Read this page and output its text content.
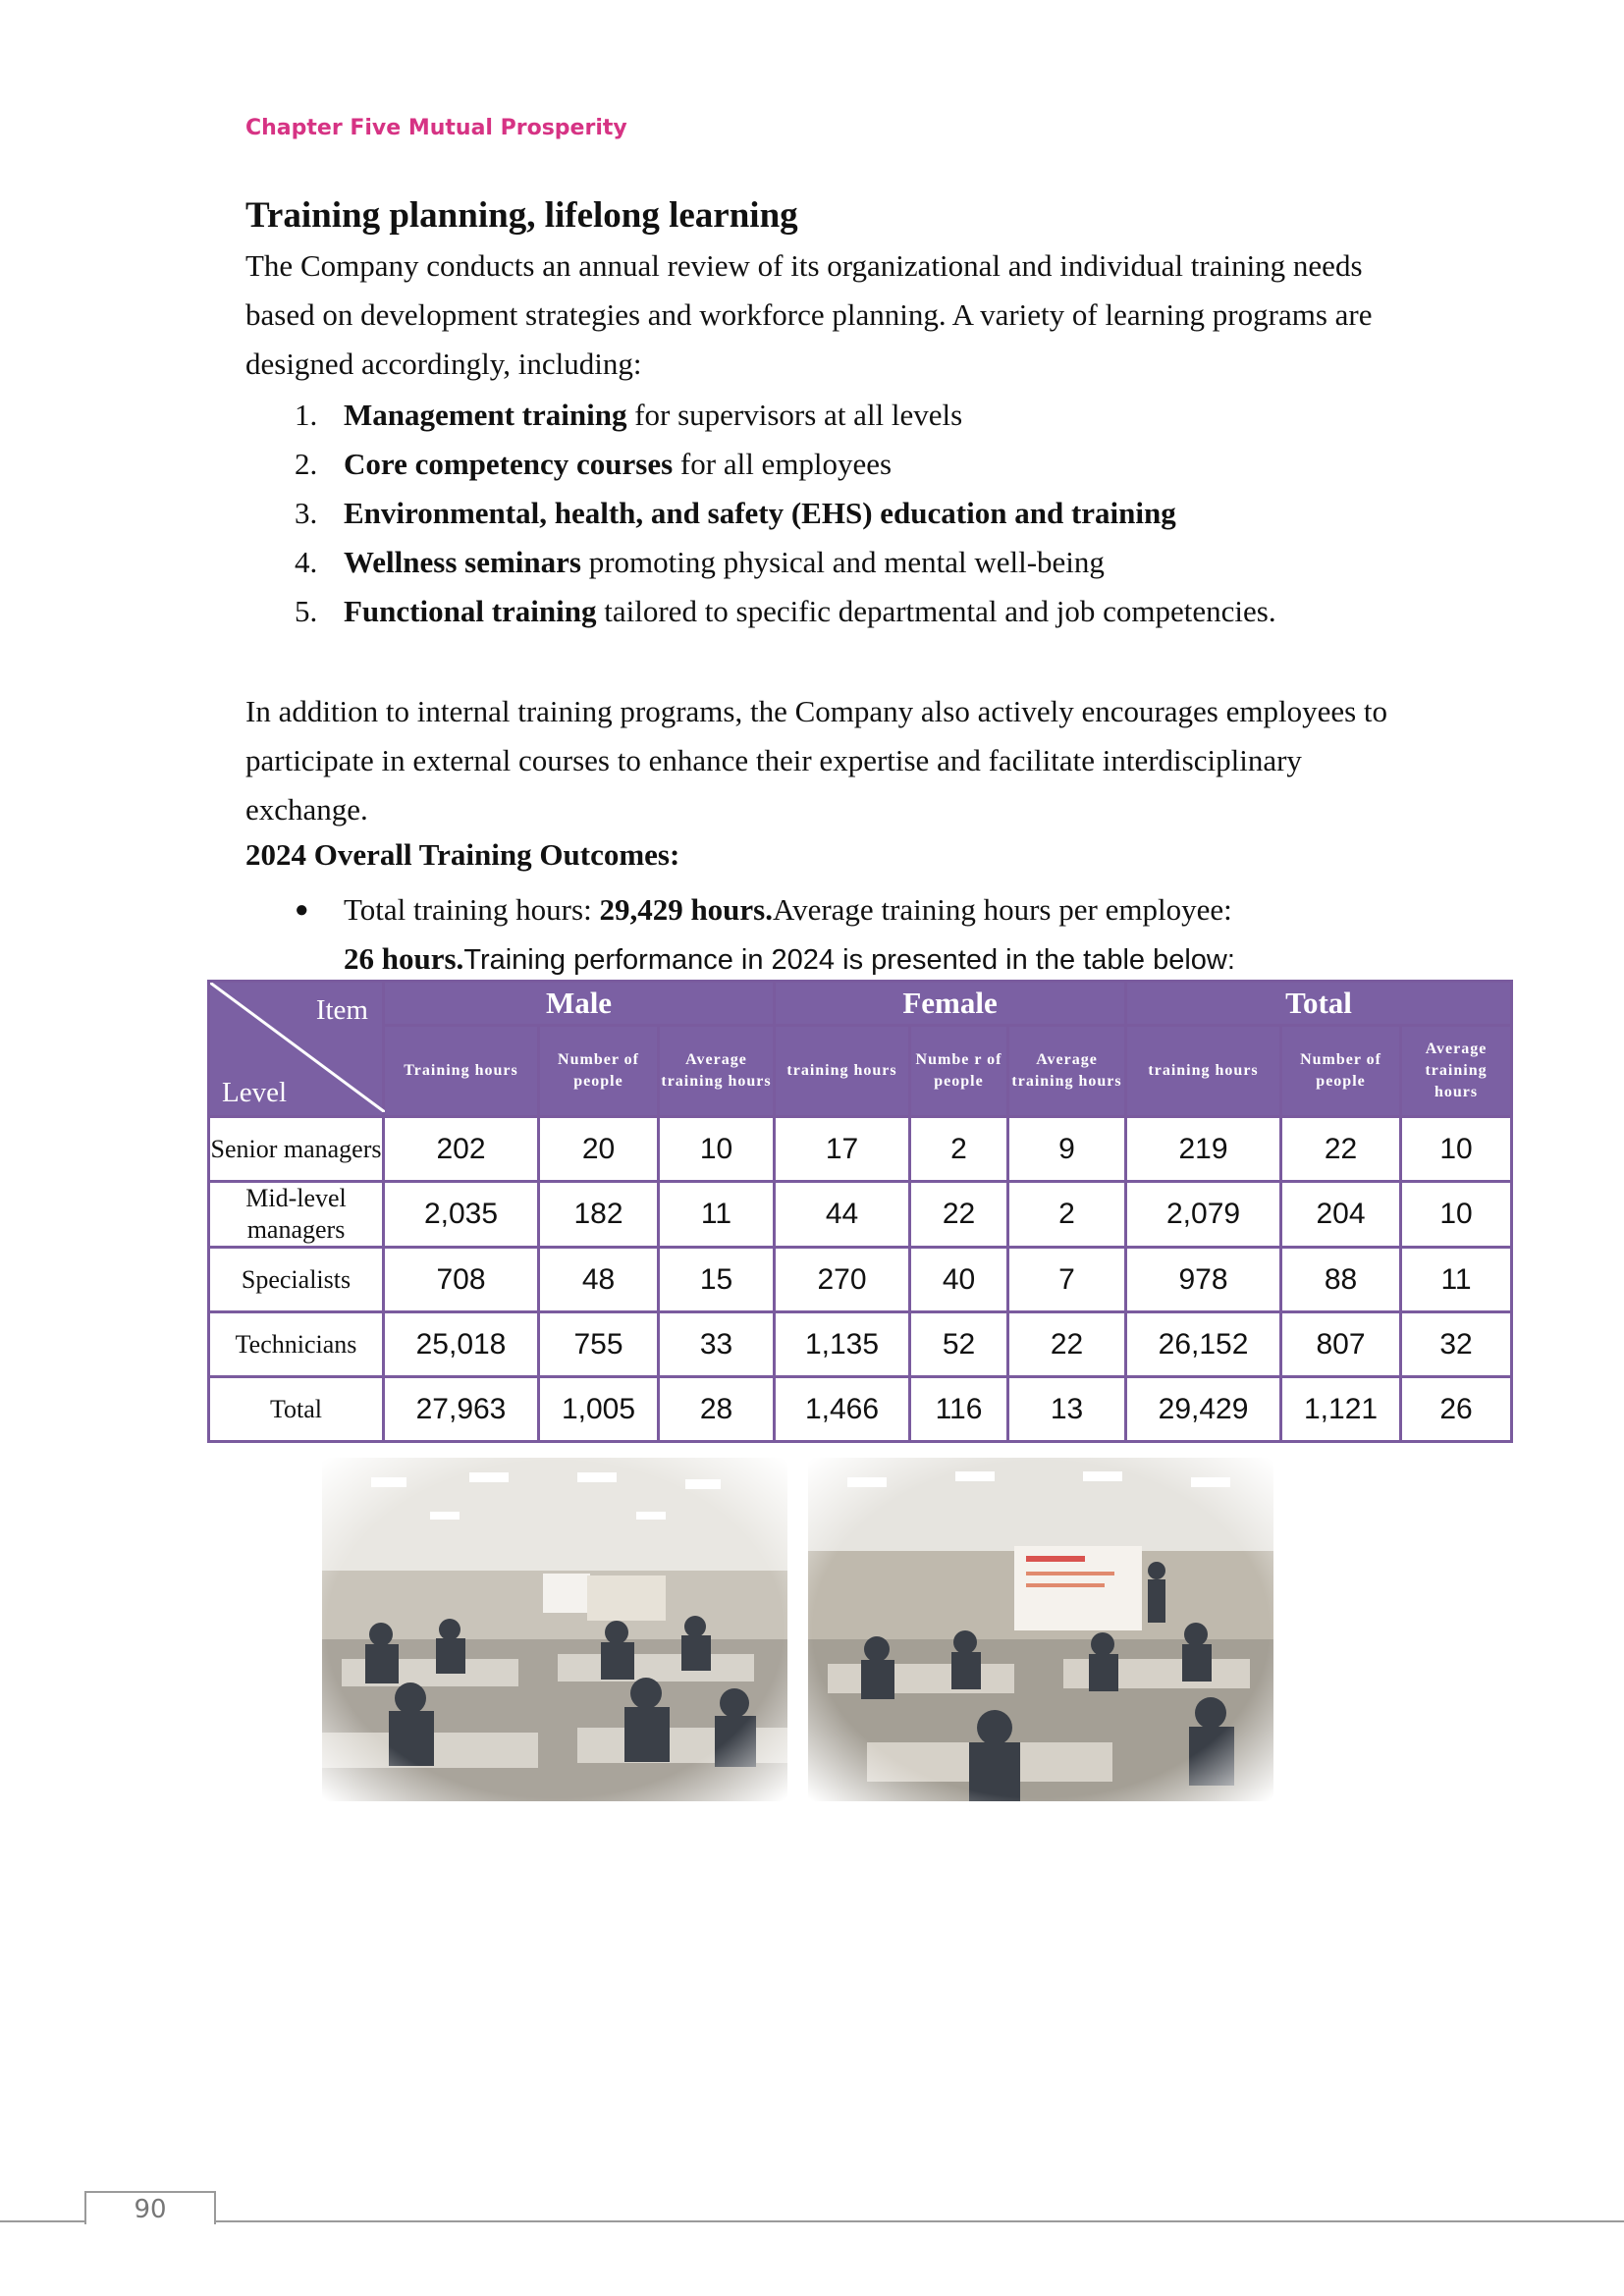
Chapter Five Mutual Prosperity
Training planning, lifelong learning
The Company conducts an annual review of its organizational and individual training needs based on development strategies and workforce planning. A variety of learning programs are designed accordingly, including:
1. Management training for supervisors at all levels
2. Core competency courses for all employees
3. Environmental, health, and safety (EHS) education and training
4. Wellness seminars promoting physical and mental well-being
5. Functional training tailored to specific departmental and job competencies.
In addition to internal training programs, the Company also actively encourages employees to participate in external courses to enhance their expertise and facilitate interdisciplinary exchange.
2024 Overall Training Outcomes:
●	Total training hours: 29,429 hours.Average training hours per employee:
26 hours.Training performance in 2024 is presented in the table below:
Item
Level	Male			Female			Total		
	Training hours	Number of people	Average training hours	training hours	Numbe r of people	Average training hours	training hours	Number of people	Average training hours
Senior managers	202	20	10	17	2	9	219	22	10
Mid-level managers	2,035	182	11	44	22	2	2,079	204	10
Specialists	708	48	15	270	40	7	978	88	11
Technicians	25,018	755	33	1,135	52	22	26,152	807	32
Total	27,963	1,005	28	1,466	116	13	29,429	1,121	26
90
